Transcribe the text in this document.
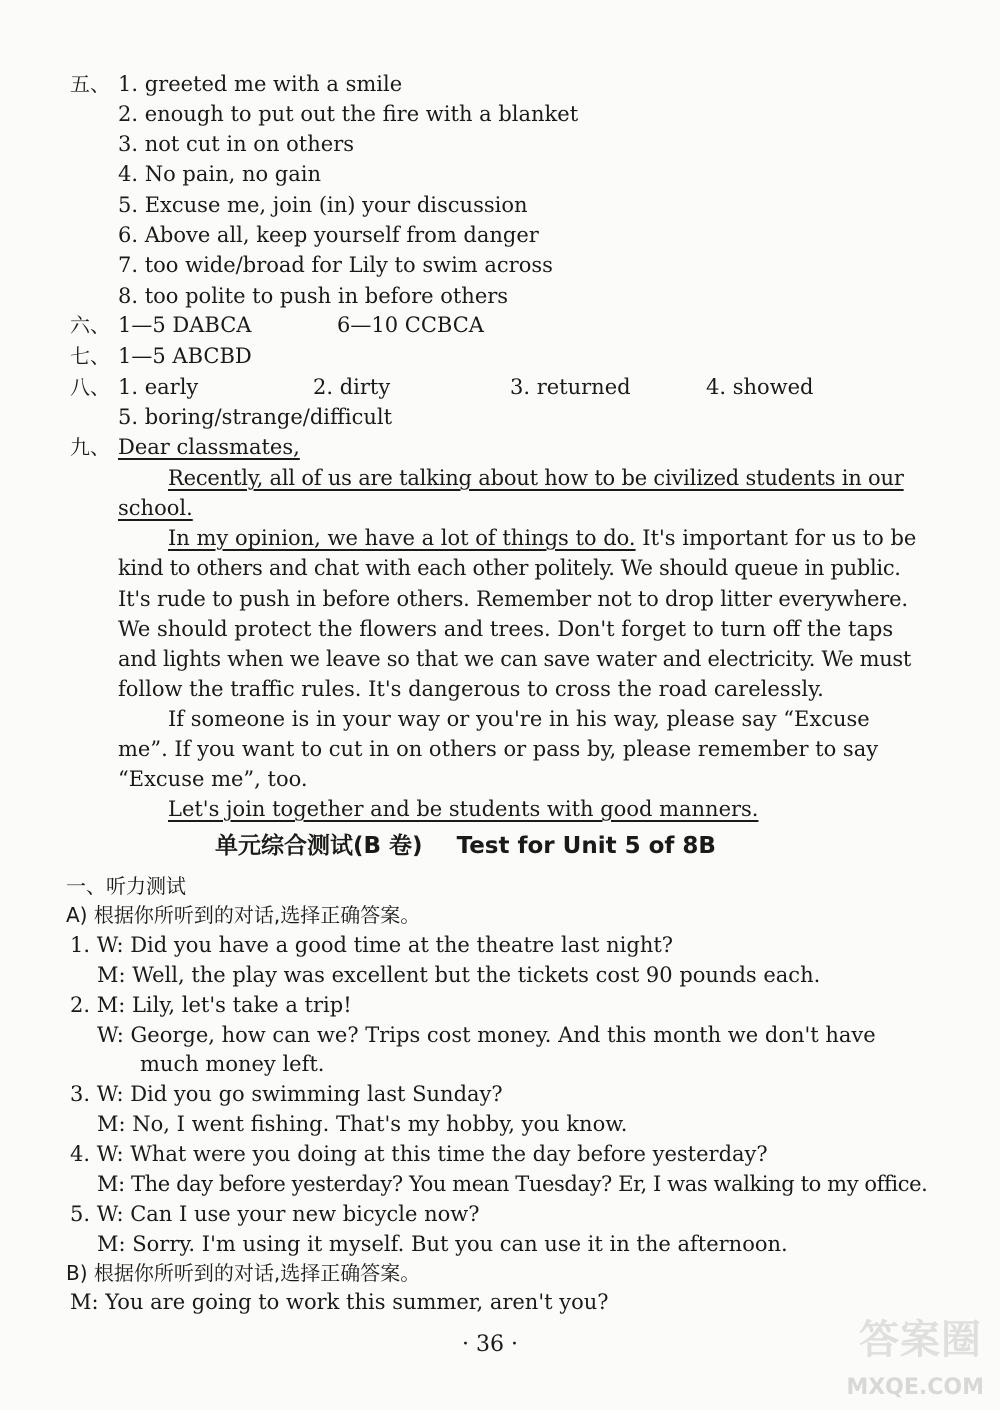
五、 1. greeted me with a smile
2. enough to put out the fire with a blanket
3. not cut in on others
4. No pain, no gain
5. Excuse me, join (in) your discussion
6. Above all, keep yourself from danger
7. too wide/broad for Lily to swim across
8. too polite to push in before others
六、 1—5 DABCA	6—10 CCBCA
七、 1—5 ABCBD
八、 1. early	2. dirty	3. returned	4. showed
5. boring/strange/difficult
九、 Dear classmates,
Recently, all of us are talking about how to be civilized students in our
school.
In my opinion, we have a lot of things to do. It's important for us to be
kind to others and chat with each other politely. We should queue in public.
It's rude to push in before others. Remember not to drop litter everywhere.
We should protect the flowers and trees. Don't forget to turn off the taps
and lights when we leave so that we can save water and electricity. We must
follow the traffic rules. It's dangerous to cross the road carelessly.
If someone is in your way or you're in his way, please say “Excuse
me”. If you want to cut in on others or pass by, please remember to say
“Excuse me”, too.
Let's join together and be students with good manners.
单元综合测试(B 卷) Test for Unit 5 of 8B
一、听力测试
A) 根据你所听到的对话,选择正确答案。
1. W: Did you have a good time at the theatre last night?
M: Well, the play was excellent but the tickets cost 90 pounds each.
2. M: Lily, let's take a trip!
W: George, how can we? Trips cost money. And this month we don't have
much money left.
3. W: Did you go swimming last Sunday?
M: No, I went fishing. That's my hobby, you know.
4. W: What were you doing at this time the day before yesterday?
M: The day before yesterday? You mean Tuesday? Er, I was walking to my office.
5. W: Can I use your new bicycle now?
M: Sorry. I'm using it myself. But you can use it in the afternoon.
B) 根据你所听到的对话,选择正确答案。
M: You are going to work this summer, aren't you?
· 36 ·	答案圈
MXQE.COM
